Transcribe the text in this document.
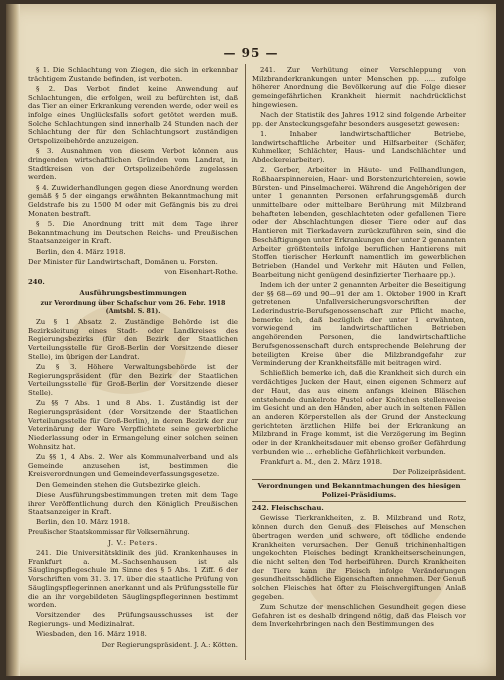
— 95 —

§ 1. Die Schlachtung von Ziegen, die sich in erkennbar trächtigem Zustande befinden, ist verboten.

§ 2. Das Verbot findet keine Anwendung auf Schlachtungen, die erfolgen, weil zu befürchten ist, daß das Tier an einer Erkrankung verenden werde, oder weil es infolge eines Unglücksfalls sofort getötet werden muß. Solche Schlachtungen sind innerhalb 24 Stunden nach der Schlachtung der für den Schlachtungsort zuständigen Ortspolizeibehörde anzuzeigen.

§ 3. Ausnahmen von diesem Verbot können aus dringenden wirtschaftlichen Gründen vom Landrat, in Stadtkreisen von der Ortspolizeibehörde zugelassen werden.

§ 4. Zuwiderhandlungen gegen diese Anordnung werden gemäß § 5 der eingangs erwähnten Bekanntmachung mit Geldstrafe bis zu 1500 M oder mit Gefängnis bis zu drei Monaten bestraft.

§ 5. Die Anordnung tritt mit dem Tage ihrer Bekanntmachung im Deutschen Reichs- und Preußischen Staatsanzeiger in Kraft.

Berlin, den 4. März 1918.

Der Minister für Landwirtschaft, Domänen u. Forsten.

von Eisenhart-Rothe.

240.
Ausführungsbestimmungen
zur Verordnung über Schafschur vom 26. Febr. 1918 (Amtsbl. S. 81).

Zu § 1 Absatz 2. Zuständige Behörde ist die Bezirksleitung eines Stadt- oder Landkreises des Regierungsbezirks (für den Bezirk der Staatlichen Verteilungsstelle für Groß-Berlin der Vorsitzende dieser Stelle), im übrigen der Landrat.

Zu § 3. Höhere Verwaltungsbehörde ist der Regierungspräsident (für den Bezirk der Staatlichen Verteilungsstelle für Groß-Berlin der Vorsitzende dieser Stelle).

Zu §§ 7 Abs. 1 und 8 Abs. 1. Zuständig ist der Regierungspräsident (der Vorsitzende der Staatlichen Verteilungsstelle für Groß-Berlin), in deren Bezirk der zur Veterinärung der Ware Verpflichtete seine gewerbliche Niederlassung oder in Ermangelung einer solchen seinen Wohnsitz hat.

Zu §§ 1, 4 Abs. 2. Wer als Kommunalverband und als Gemeinde anzusehen ist, bestimmen die Kreisverordnungen und Gemeindeverfassungsgesetze.

Den Gemeinden stehen die Gutsbezirke gleich.

Diese Ausführungsbestimmungen treten mit dem Tage ihrer Veröffentlichung durch den Königlich Preußischen Staatsanzeiger in Kraft.

Berlin, den 10. März 1918.

Preußischer Staatskommissar für Volksernährung.

J. V.: Peters.

241. Die Universitätsklinik des jüd. Krankenhauses in Frankfurt a. M.-Sachsenhausen ist als Säuglingspflegeschule im Sinne des § 5 Abs. 1 Ziff. 6 der Vorschriften vom 31. 3. 17. über die staatliche Prüfung von Säuglingspflegerinnen anerkannt und als Prüfungsstelle für die an ihr vorgebildeten Säuglingspflegerinnen bestimmt worden.

Vorsitzender des Prüfungsausschusses ist der Regierungs- und Medizinalrat.

Wiesbaden, den 16. März 1918.

Der Regierungspräsident. J. A.: Kötten.

241. Zur Verhütung einer Verschleppung von Milzbranderkrankungen unter Menschen pp. ..... zufolge höherer Anordnung die Bevölkerung auf die Folge dieser gemeingefährlichen Krankheit hiermit nachdrücklichst hingewiesen.

Nach der Statistik des Jahres 1912 sind folgende Arbeiter pp. der Ansteckungsgefahr besonders ausgesetzt gewesen:

1. Inhaber landwirtschaftlicher Betriebe, landwirtschaftliche Arbeiter und Hilfsarbeiter (Schäfer, Kuhmelker, Schlächter, Haus- und Landschlächter und Abdeckereiarbeiter).

2. Gerber, Arbeiter in Häute- und Fellhandlungen, Roßhaarspinnereien, Haar- und Borstenzurichtereien, sowie Bürsten- und Pinselmacherei. Während die Angehörigen der unter 1 genannten Personen erfahrungsgemäß durch unmittelbare oder mittelbare Berührung mit Milzbrand behafteten lebenden, geschlachteten oder gefallenen Tiere oder der Abschlachtungen dieser Tiere oder auf das Hantieren mit Tierkadavern zurückzuführen sein, sind die Beschäftigungen unter Erkrankungen der unter 2 genannten Arbeiter größtenteils infolge beruflichen Hantierens mit Stoffen tierischer Herkunft namentlich im gewerblichen Betrieben (Handel und Verkehr mit Häuten und Fellen, Bearbeitung nicht genügend desinfizierter Tierhaare pp.).

Indem ich der unter 2 genannten Arbeiter die Beseitigung der §§ 68—69 und 90—91 der am 1. Oktober 1900 in Kraft getretenen Unfallversicherungsvorschriften der Lederindustrie-Berufsgenossenschaft zur Pflicht mache, bemerke ich, daß bezüglich der unter 1 erwähnten, vorwiegend im landwirtschaftlichen Betrieben angehörenden Personen, die landwirtschaftliche Berufsgenossenschaft durch entsprechende Belehrung der beteiligten Kreise über die Milzbrandgefahr zur Verminderung der Krankheitsfälle mit beitragen wird.

Schließlich bemerke ich, daß die Krankheit sich durch ein verdächtiges Jucken der Haut, einen eigenen Schmerz auf der Haut, das aus einem anfangs kleinen Bläschen entstehende dunkelrote Pustel oder Knötchen stellenweise im Gesicht und an den Händen, aber auch in seltenen Fällen an anderen Körperstellen als der Grund der Ansteckung gerichteten ärztlichen Hilfe bei der Erkrankung an Milzbrand in Frage kommt, ist die Verzögerung im Beginn oder in der Krankheitsdauer mit ebenso großer Gefährdung verbunden wie ... erhebliche Gefährlichkeit verbunden.

Frankfurt a. M., den 2. März 1918.

Der Polizeipräsident.

Verordnungen und Bekanntmachungen des hiesigen Polizei-Präsidiums.

242. Fleischschau.

Gewisse Tierkrankheiten, z. B. Milzbrand und Rotz, können durch den Genuß des Fleisches auf Menschen übertragen werden und schwere, oft tödliche endende Krankheiten verursachen. Der Genuß trichinenhaltigen ungekochten Fleisches bedingt Krankheitserscheinungen, die nicht selten den Tod herbeiführen. Durch Krankheiten der Tiere kann ihr Fleisch infolge Veränderungen gesundheitsschädliche Eigenschaften annehmen. Der Genuß solchen Fleisches hat öfter zu Fleischvergiftungen Anlaß gegeben.

Zum Schutze der menschlichen Gesundheit gegen diese Gefahren ist es deshalb dringend nötig, daß das Fleisch vor dem Inverkehrbringen nach den Bestimmungen des
